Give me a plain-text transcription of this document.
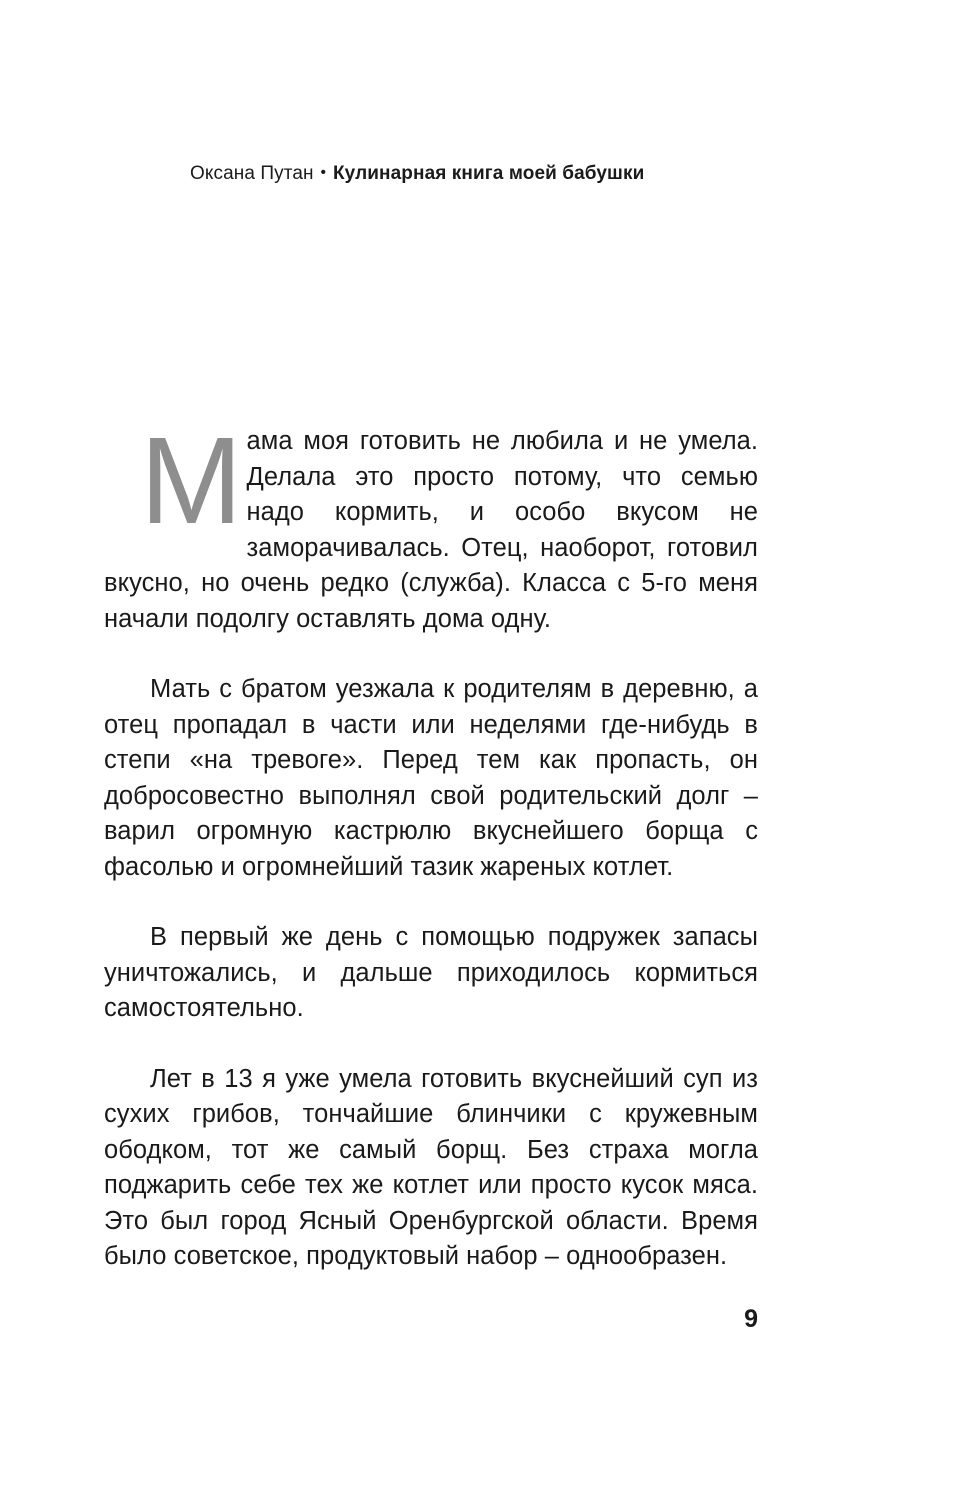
Оксана Путан • Кулинарная книга моей бабушки

Мама моя готовить не любила и не умела. Делала это просто потому, что семью надо кормить, и особо вкусом не заморачивалась. Отец, наоборот, готовил вкусно, но очень редко (служба). Класса с 5-го меня начали подолгу оставлять дома одну.

Мать с братом уезжала к родителям в деревню, а отец пропадал в части или неделями где-нибудь в степи «на тревоге». Перед тем как пропасть, он добросовестно выполнял свой родительский долг – варил огромную кастрюлю вкуснейшего борща с фасолью и огромнейший тазик жареных котлет.

В первый же день с помощью подружек запасы уничтожались, и дальше приходилось кормиться самостоятельно.

Лет в 13 я уже умела готовить вкуснейший суп из сухих грибов, тончайшие блинчики с кружевным ободком, тот же самый борщ. Без страха могла поджарить себе тех же котлет или просто кусок мяса. Это был город Ясный Оренбургской области. Время было советское, продуктовый набор – однообразен.

9
